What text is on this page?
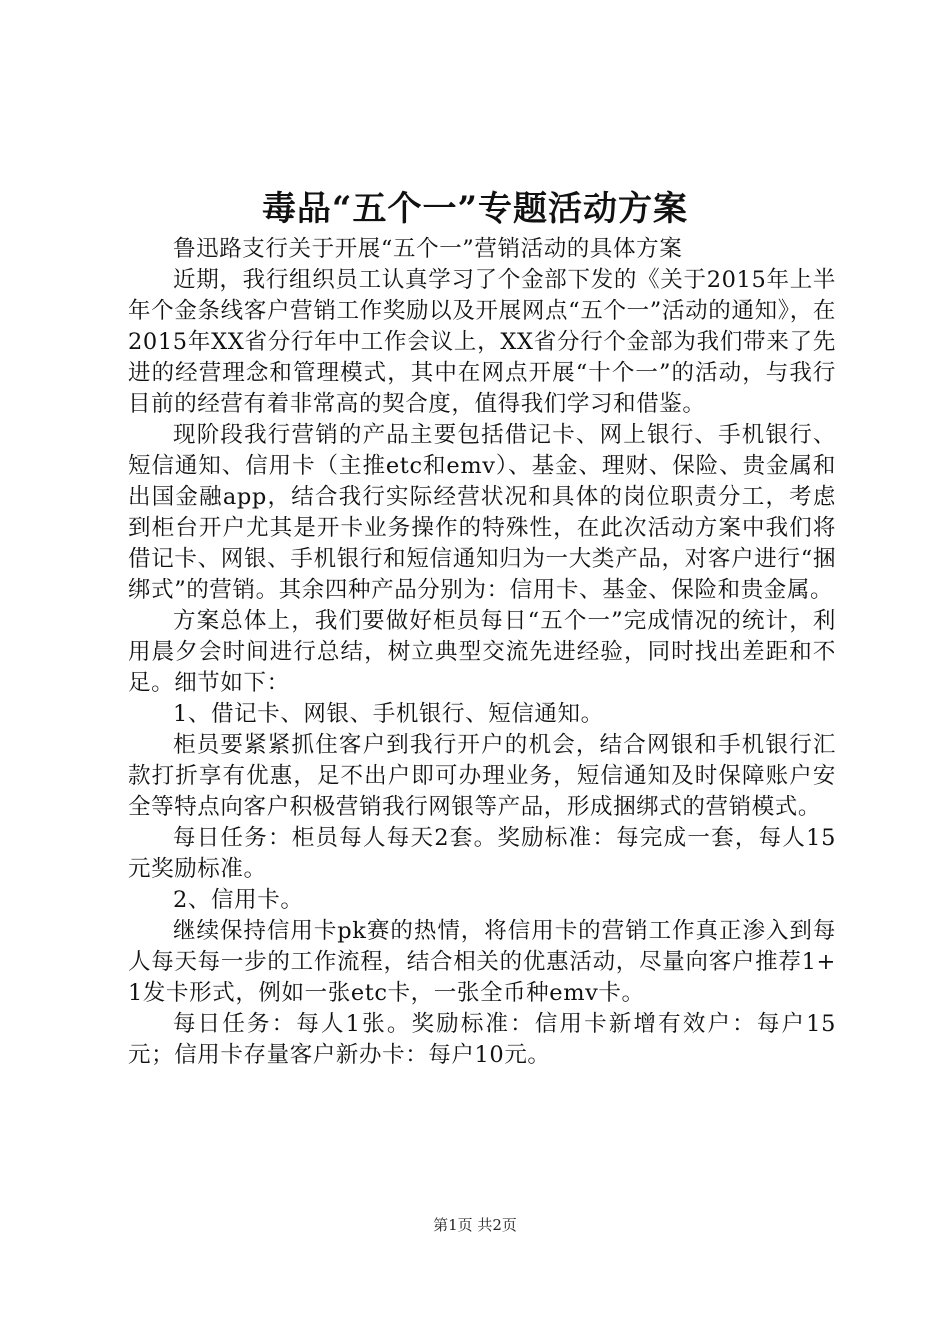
毒品“五个一”专题活动方案

鲁迅路支行关于开展“五个一”营销活动的具体方案

近期，我行组织员工认真学习了个金部下发的《关于2015年上半年个金条线客户营销工作奖励以及开展网点“五个一”活动的通知》，在2015年XX省分行年中工作会议上，XX省分行个金部为我们带来了先进的经营理念和管理模式，其中在网点开展“十个一”的活动，与我行目前的经营有着非常高的契合度，值得我们学习和借鉴。

现阶段我行营销的产品主要包括借记卡、网上银行、手机银行、短信通知、信用卡（主推etc和emv）、基金、理财、保险、贵金属和出国金融app，结合我行实际经营状况和具体的岗位职责分工，考虑到柜台开户尤其是开卡业务操作的特殊性，在此次活动方案中我们将借记卡、网银、手机银行和短信通知归为一大类产品，对客户进行“捆绑式”的营销。其余四种产品分别为：信用卡、基金、保险和贵金属。

方案总体上，我们要做好柜员每日“五个一”完成情况的统计，利用晨夕会时间进行总结，树立典型交流先进经验，同时找出差距和不足。细节如下：

1、借记卡、网银、手机银行、短信通知。

柜员要紧紧抓住客户到我行开户的机会，结合网银和手机银行汇款打折享有优惠，足不出户即可办理业务，短信通知及时保障账户安全等特点向客户积极营销我行网银等产品，形成捆绑式的营销模式。

每日任务：柜员每人每天2套。奖励标准：每完成一套，每人15元奖励标准。

2、信用卡。

继续保持信用卡pk赛的热情，将信用卡的营销工作真正渗入到每人每天每一步的工作流程，结合相关的优惠活动，尽量向客户推荐1+1发卡形式，例如一张etc卡，一张全币种emv卡。

每日任务：每人1张。奖励标准：信用卡新增有效户：每户15元；信用卡存量客户新办卡：每户10元。

第1页 共2页
